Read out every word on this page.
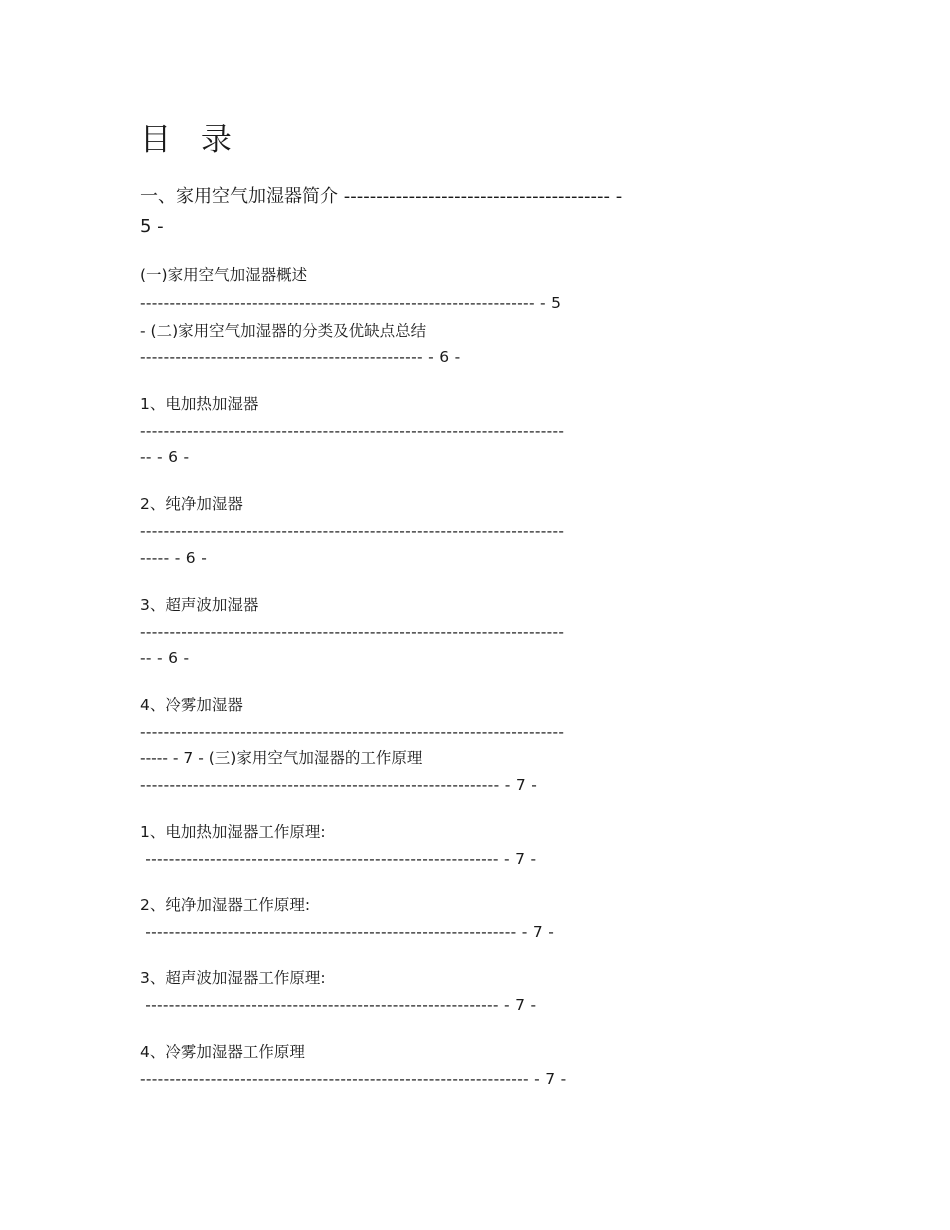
目 录
一、家用空气加湿器简介 ----------------------------------------- -
5 -
(一)家用空气加湿器概述
------------------------------------------------------------------- - 5
- (二)家用空气加湿器的分类及优缺点总结
------------------------------------------------ - 6 -
1、电加热加湿器
------------------------------------------------------------------------
-- - 6 -
2、纯净加湿器
------------------------------------------------------------------------
----- - 6 -
3、超声波加湿器
------------------------------------------------------------------------
-- - 6 -
4、冷雾加湿器
------------------------------------------------------------------------
----- - 7 - (三)家用空气加湿器的工作原理
------------------------------------------------------------- - 7 -
1、电加热加湿器工作原理:
------------------------------------------------------------ - 7 -
2、纯净加湿器工作原理:
--------------------------------------------------------------- - 7 -
3、超声波加湿器工作原理:
------------------------------------------------------------ - 7 -
4、冷雾加湿器工作原理
------------------------------------------------------------------ - 7 -
